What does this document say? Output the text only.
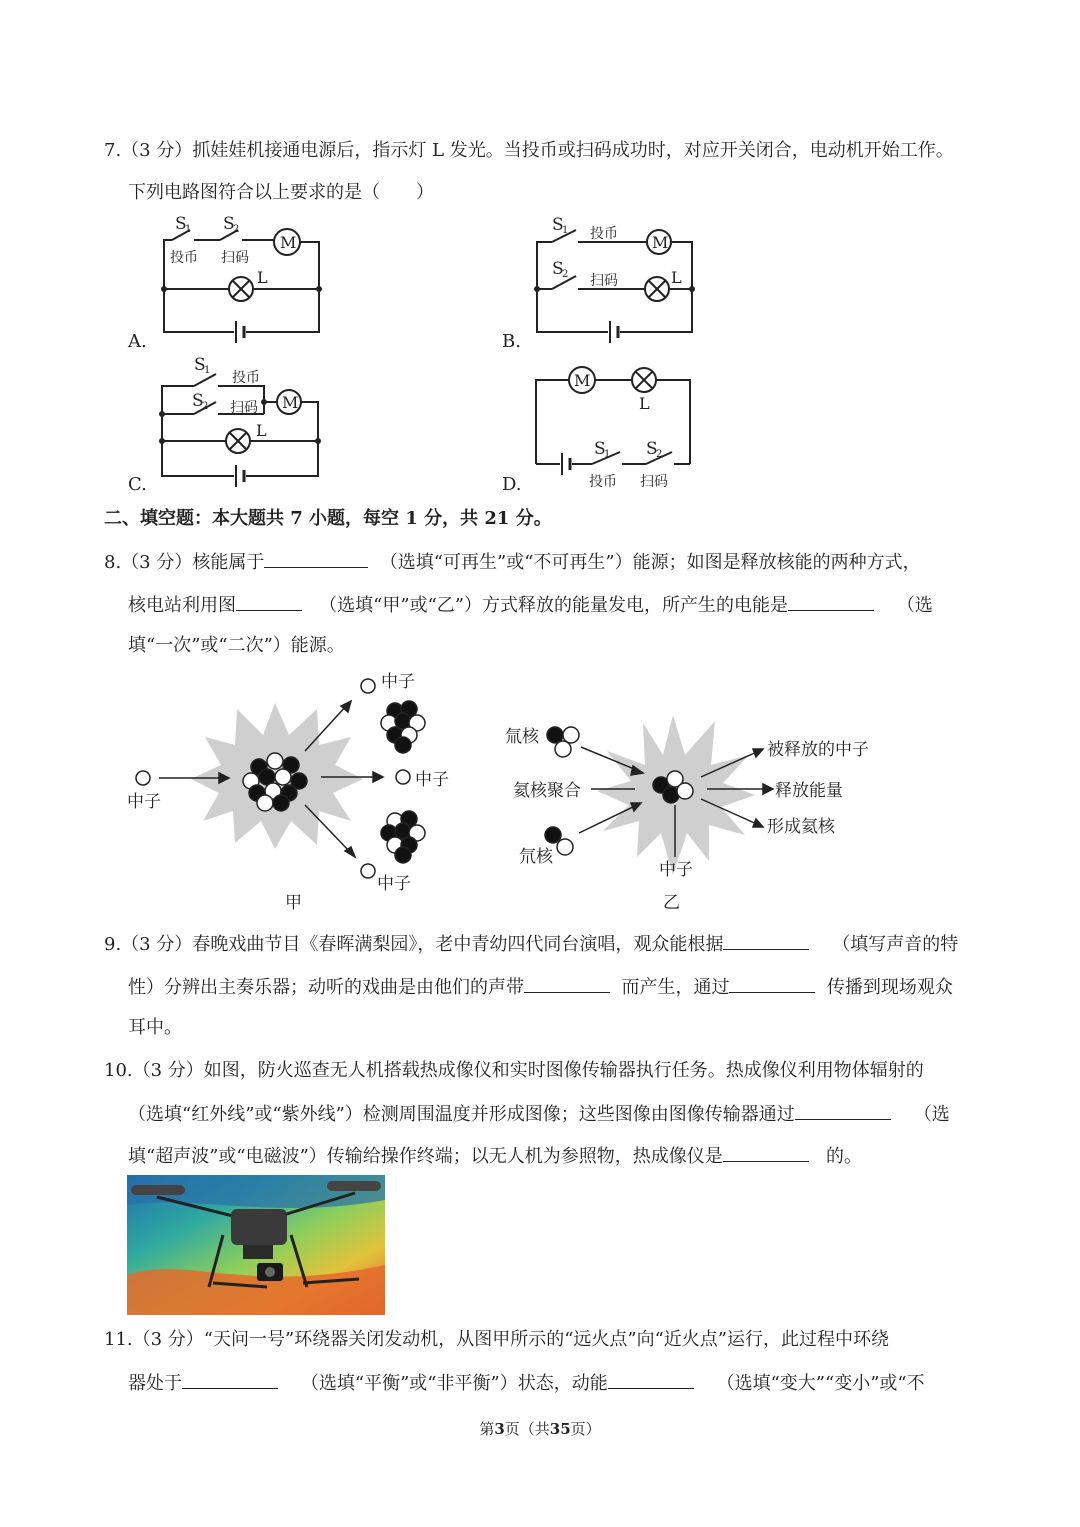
7.（3 分）抓娃娃机接通电源后，指示灯 L 发光。当投币或扫码成功时，对应开关闭合，电动机开始工作。
下列电路图符合以上要求的是（　　）
S
1 S
2
投币 扫码
M
L
A.
S
1 投币 M
S
2 扫码	L
B.
S
1 投币
S
2 扫码 M
L
C.
M
L
S
1 S
2
投币 扫码
D.
二、填空题：本大题共 7 小题，每空 1 分，共 21 分。
8.（3 分）核能属于	（选填“可再生”或“不可再生”）能源；如图是释放核能的两种方式，
核电站利用图	（选填“甲”或“乙”）方式释放的能量发电，所产生的电能是	（选
填“一次”或“二次”）能源。
中子
中子
中子
中子
甲
氚核
氦核聚合
氘核
被释放的中子
释放能量
形成氦核
中子
乙
9.（3 分）春晚戏曲节目《春晖满梨园》，老中青幼四代同台演唱，观众能根据	（填写声音的特
性）分辨出主奏乐器；动听的戏曲是由他们的声带	而产生，通过	传播到现场观众
耳中。
10.（3 分）如图，防火巡查无人机搭载热成像仪和实时图像传输器执行任务。热成像仪利用物体辐射的
（选填“红外线”或“紫外线”）检测周围温度并形成图像；这些图像由图像传输器通过	（选
填“超声波”或“电磁波”）传输给操作终端；以无人机为参照物，热成像仪是	的。
11.（3 分）“天问一号”环绕器关闭发动机，从图甲所示的“远火点”向“近火点”运行，此过程中环绕
器处于	（选填“平衡”或“非平衡”）状态，动能	（选填“变大”“变小”或“不
第3页（共35页）
